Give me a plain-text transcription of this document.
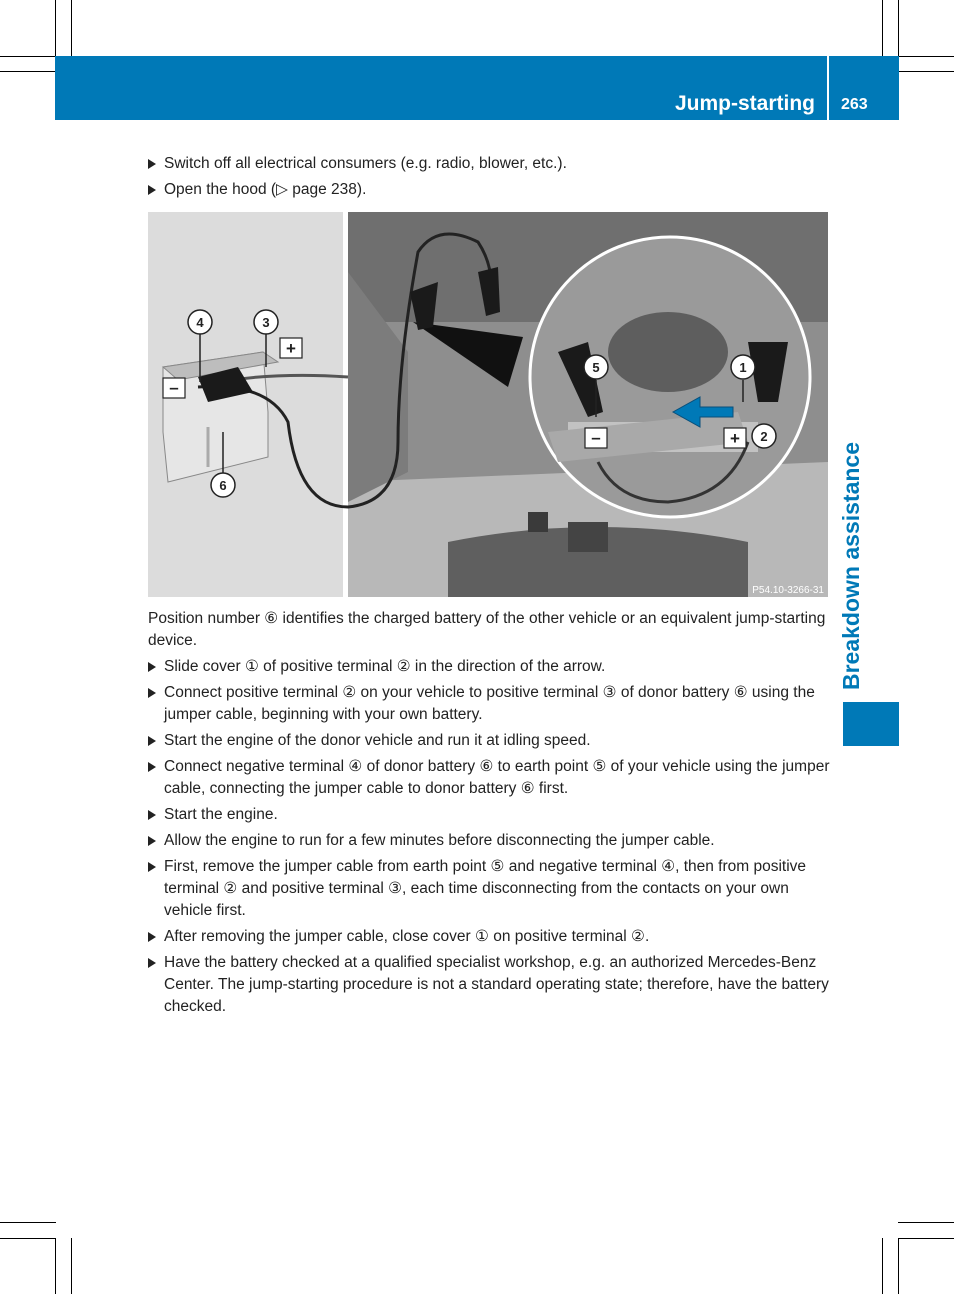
Jump-starting 263
Breakdown assistance
Switch off all electrical consumers (e.g. radio, blower, etc.).
Open the hood (▷ page 238).
+
–
–	+
4	3
6
5	1
2
P54.10-3266-31

Position number ⑥ identifies the charged battery of the other vehicle or an equivalent jump-starting device.

Slide cover ① of positive terminal ② in the direction of the arrow.
Connect positive terminal ② on your vehicle to positive terminal ③ of donor battery ⑥ using the jumper cable, beginning with your own battery.
Start the engine of the donor vehicle and run it at idling speed.
Connect negative terminal ④ of donor battery ⑥ to earth point ⑤ of your vehicle using the jumper cable, connecting the jumper cable to donor battery ⑥ first.
Start the engine.
Allow the engine to run for a few minutes before disconnecting the jumper cable.
First, remove the jumper cable from earth point ⑤ and negative terminal ④, then from positive terminal ② and positive terminal ③, each time disconnecting from the contacts on your own vehicle first.
After removing the jumper cable, close cover ① on positive terminal ②.
Have the battery checked at a qualified specialist workshop, e.g. an authorized Mercedes-Benz Center. The jump-starting procedure is not a standard operating state; therefore, have the battery checked.
